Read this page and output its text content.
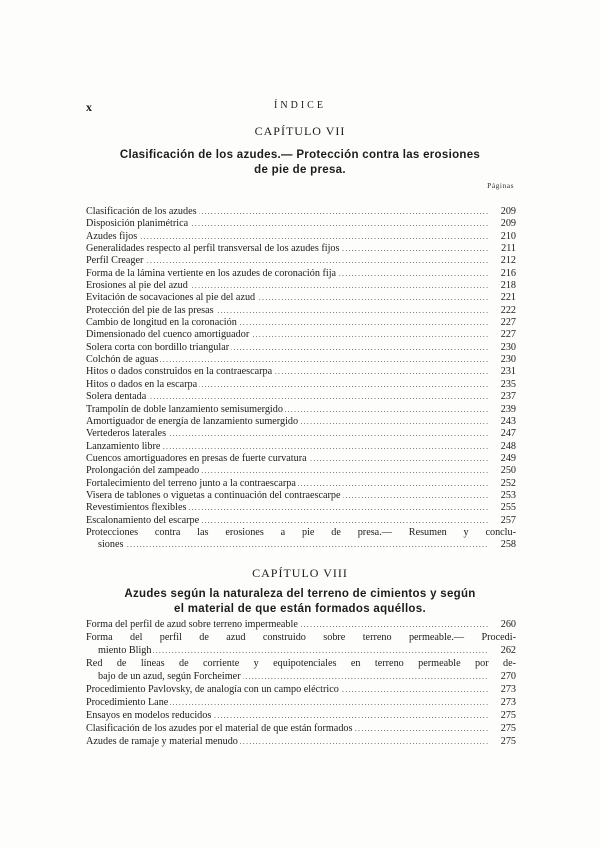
x	ÍNDICE
CAPÍTULO VII
Clasificación de los azudes.— Protección contra las erosiones
de pie de presa.
Páginas
Clasificación de los azudes .....	209
Disposición planimétrica .....	209
Azudes fijos .....	210
Generalidades respecto al perfil transversal de los azudes fijos .....	211
Perfil Creager .....	212
Forma de la lámina vertiente en los azudes de coronación fija .....	216
Erosiones al pie del azud .....	218
Evitación de socavaciones al pie del azud .....	221
Protección del pie de las presas .....	222
Cambio de longitud en la coronación .....	227
Dimensionado del cuenco amortiguador .....	227
Solera corta con bordillo triangular .....	230
Colchón de aguas .....	230
Hitos o dados construidos en la contraescarpa .....	231
Hitos o dados en la escarpa .....	235
Solera dentada .....	237
Trampolín de doble lanzamiento semisumergido .....	239
Amortiguador de energía de lanzamiento sumergido .....	243
Vertederos laterales .....	247
Lanzamiento libre .....	248
Cuencos amortiguadores en presas de fuerte curvatura .....	249
Prolongación del zampeado .....	250
Fortalecimiento del terreno junto a la contraescarpa .....	252
Visera de tablones o viguetas a continuación del contraescarpe .....	253
Revestimientos flexibles .....	255
Escalonamiento del escarpe .....	257
Protecciones contra las erosiones a pie de presa.— Resumen y conclu-
siones .....	258
CAPÍTULO VIII
Azudes según la naturaleza del terreno de cimientos y según
el material de que están formados aquéllos.
Forma del perfil de azud sobre terreno impermeable .....	260
Forma del perfil de azud construido sobre terreno permeable.— Procedi-
miento Bligh .....	262
Red de líneas de corriente y equipotenciales en terreno permeable por de-
bajo de un azud, según Forcheimer .....	270
Procedimiento Pavlovsky, de analogía con un campo eléctrico .....	273
Procedimiento Lane .....	273
Ensayos en modelos reducidos .....	275
Clasificación de los azudes por el material de que están formados .....	275
Azudes de ramaje y material menudo .....	275
